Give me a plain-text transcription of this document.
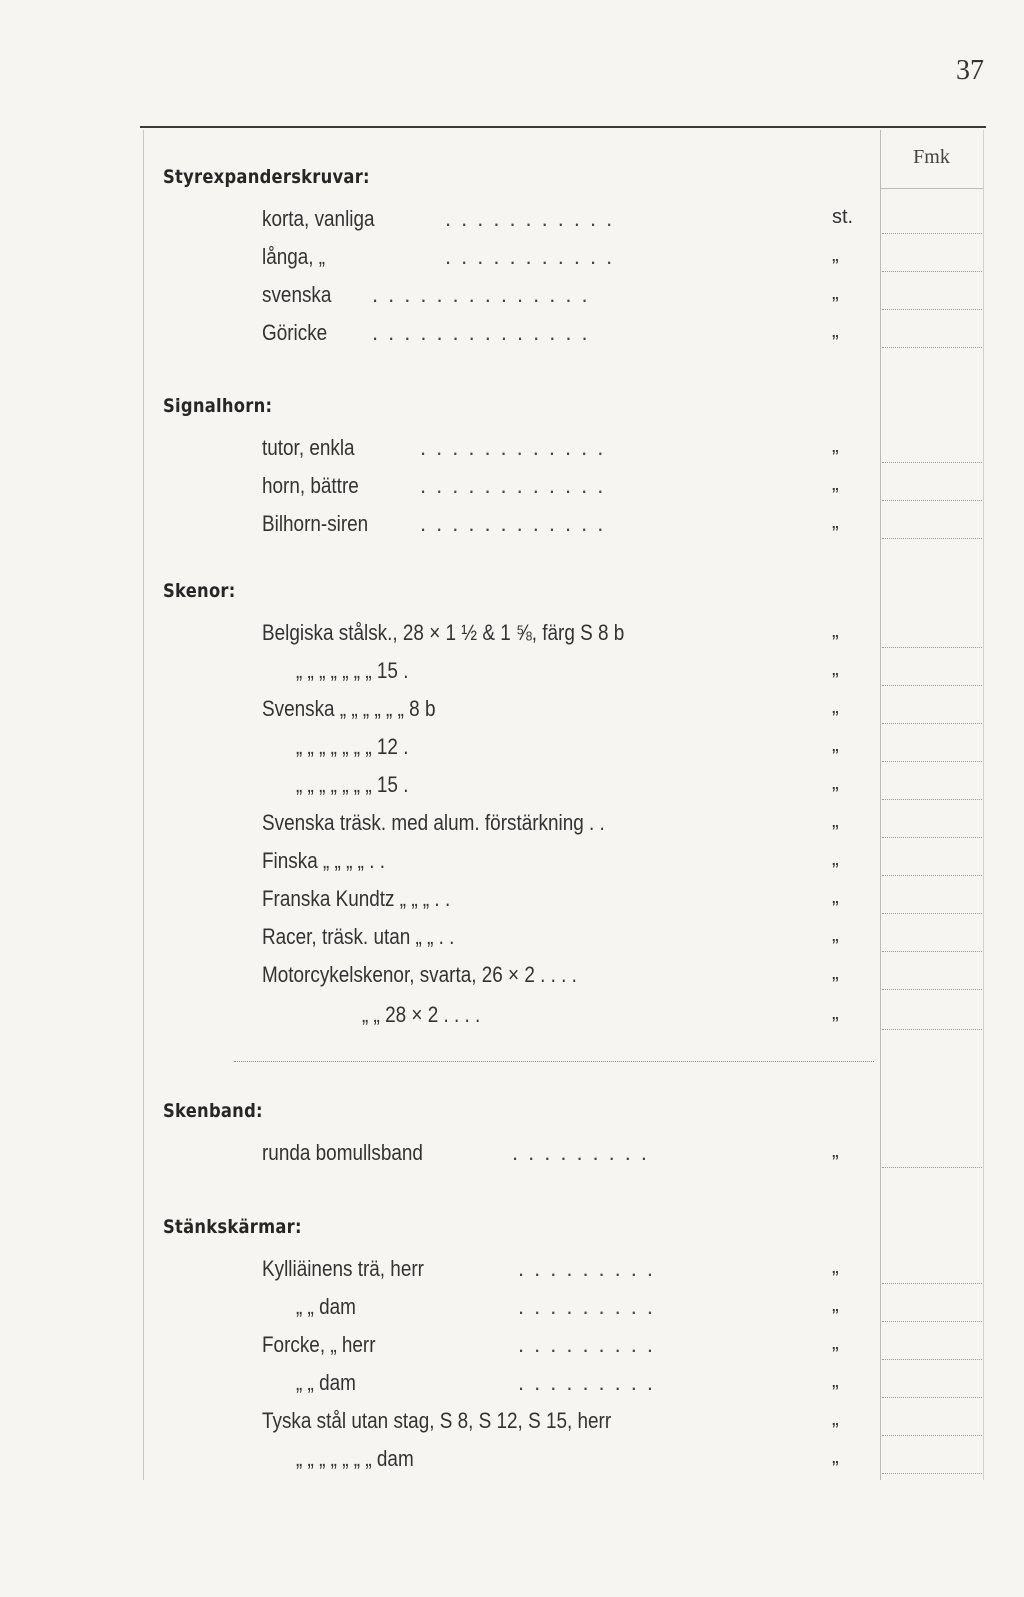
37
Fmk
Styrexpanderskruvar:
korta, vanliga	...........	st.
långa, „	...........	„
svenska ..............	„
Göricke ..............	„
Signalhorn:
tutor, enkla	............	„
horn, bättre	............	„
Bilhorn-siren ............	„
Skenor:
Belgiska stålsk., 28 × 1 ½ & 1 ⅝, färg S 8 b	„
„ „ „ „ „ „ „ 15 .	„
Svenska „ „ „ „ „ „ 8 b	„
„ „ „ „ „ „ „ 12 .	„
„ „ „ „ „ „ „ 15 .	„
Svenska träsk. med alum. förstärkning . .	„
Finska „ „ „ „ . .	„
Franska Kundtz „ „ „ . .	„
Racer, träsk. utan „ „ . .	„
Motorcykelskenor, svarta, 26 × 2 . . . .	„
„ „ 28 × 2 . . . .	„
Skenband:
runda bomullsband	.........	„
Stänkskärmar:
Kylliäinens trä, herr	.........	„
„ „ dam	.........	„
Forcke, „ herr	.........	„
„ „ dam	.........	„
Tyska stål utan stag, S 8, S 12, S 15, herr	„
„ „ „ „ „ „ „ dam	„
